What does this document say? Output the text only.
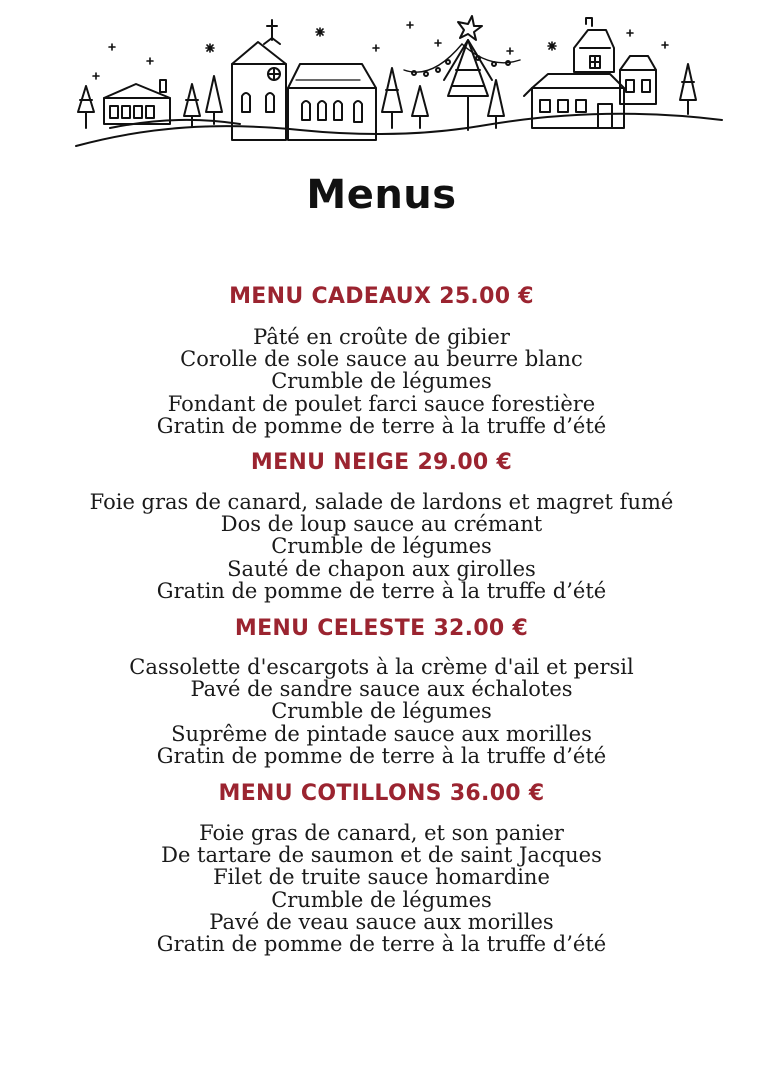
Menus
MENU CADEAUX 25.00 €
Pâté en croûte de gibier
Corolle de sole sauce au beurre blanc
Crumble de légumes
Fondant de poulet farci sauce forestière
Gratin de pomme de terre à la truffe d’été
MENU NEIGE 29.00 €
Foie gras de canard, salade de lardons et magret fumé
Dos de loup sauce au crémant
Crumble de légumes
Sauté de chapon aux girolles
Gratin de pomme de terre à la truffe d’été
MENU CELESTE 32.00 €
Cassolette d'escargots à la crème d'ail et persil
Pavé de sandre sauce aux échalotes
Crumble de légumes
Suprême de pintade sauce aux morilles
Gratin de pomme de terre à la truffe d’été
MENU COTILLONS 36.00 €
Foie gras de canard, et son panier
De tartare de saumon et de saint Jacques
Filet de truite sauce homardine
Crumble de légumes
Pavé de veau sauce aux morilles
Gratin de pomme de terre à la truffe d’été
